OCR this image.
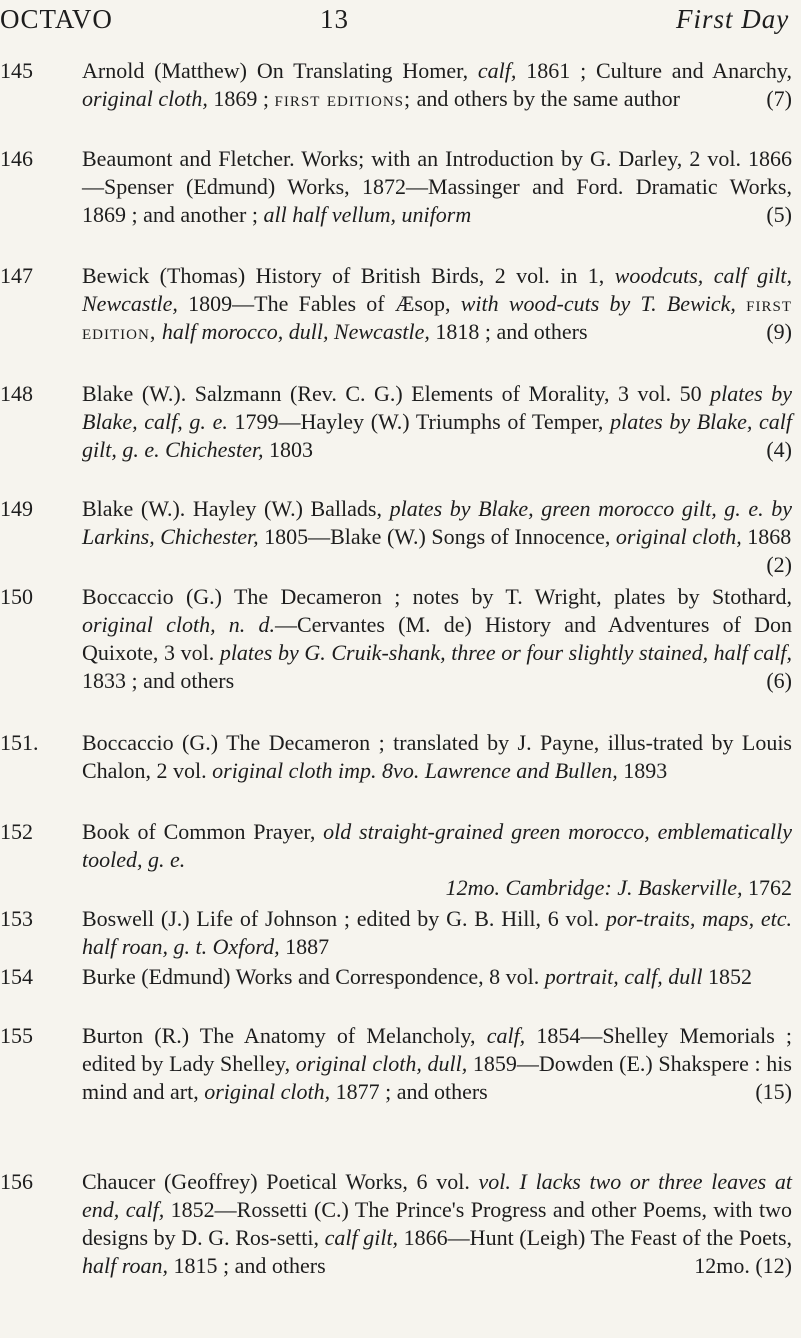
OCTAVO	13	First Day
145	Arnold (Matthew) On Translating Homer, calf, 1861 ; Culture and Anarchy, original cloth, 1869 ; first editions; and others by the same author	(7)
146	Beaumont and Fletcher. Works; with an Introduction by G. Darley, 2 vol. 1866—Spenser (Edmund) Works, 1872—Massinger and Ford. Dramatic Works, 1869 ; and another ; all half vellum, uniform	(5)
147	Bewick (Thomas) History of British Birds, 2 vol. in 1, woodcuts, calf gilt, Newcastle, 1809—The Fables of Æsop, with wood-cuts by T. Bewick, first edition, half morocco, dull, Newcastle, 1818 ; and others	(9)
148	Blake (W.). Salzmann (Rev. C. G.) Elements of Morality, 3 vol. 50 plates by Blake, calf, g. e. 1799—Hayley (W.) Triumphs of Temper, plates by Blake, calf gilt, g. e. Chichester, 1803	(4)
149	Blake (W.). Hayley (W.) Ballads, plates by Blake, green morocco gilt, g. e. by Larkins, Chichester, 1805—Blake (W.) Songs of Innocence, original cloth, 1868
(2)
150	Boccaccio (G.) The Decameron ; notes by T. Wright, plates by Stothard, original cloth, n. d.—Cervantes (M. de) History and Adventures of Don Quixote, 3 vol. plates by G. Cruik-shank, three or four slightly stained, half calf, 1833 ; and others	(6)
151.	Boccaccio (G.) The Decameron ; translated by J. Payne, illus-trated by Louis Chalon, 2 vol. original cloth imp. 8vo. Lawrence and Bullen, 1893
152	Book of Common Prayer, old straight-grained green morocco, emblematically tooled, g. e.
12mo. Cambridge: J. Baskerville, 1762
153	Boswell (J.) Life of Johnson ; edited by G. B. Hill, 6 vol. por-traits, maps, etc. half roan, g. t. Oxford, 1887
154	Burke (Edmund) Works and Correspondence, 8 vol. portrait, calf, dull 1852
155	Burton (R.) The Anatomy of Melancholy, calf, 1854—Shelley Memorials ; edited by Lady Shelley, original cloth, dull, 1859—Dowden (E.) Shakspere : his mind and art, original cloth, 1877 ; and others	(15)
156	Chaucer (Geoffrey) Poetical Works, 6 vol. vol. I lacks two or three leaves at end, calf, 1852—Rossetti (C.) The Prince's Progress and other Poems, with two designs by D. G. Ros-setti, calf gilt, 1866—Hunt (Leigh) The Feast of the Poets, half roan, 1815 ; and others	12mo. (12)
